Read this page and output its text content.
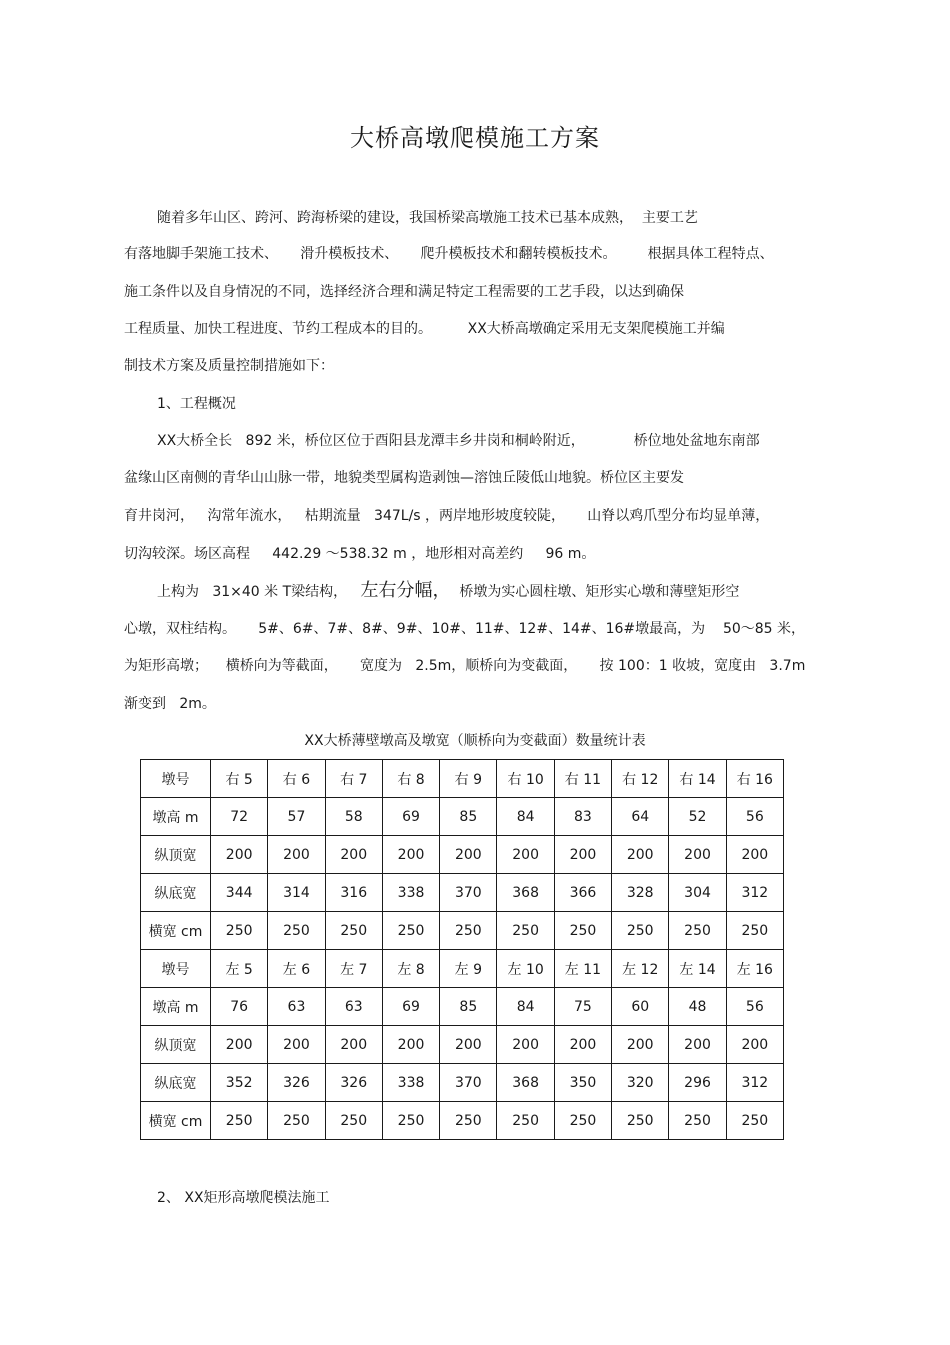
大桥高墩爬模施工方案
随着多年山区、跨河、跨海桥梁的建设，我国桥梁高墩施工技术已基本成熟，  主要工艺
有落地脚手架施工技术、     滑升模板技术、     爬升模板技术和翻转模板技术。       根据具体工程特点、
施工条件以及自身情况的不同，选择经济合理和满足特定工程需要的工艺手段，以达到确保
工程质量、加快工程进度、节约工程成本的目的。        XX大桥高墩确定采用无支架爬模施工并编
制技术方案及质量控制措施如下：
1、工程概况
XX大桥全长   892 米，桥位区位于酉阳县龙潭丰乡井岗和桐岭附近，           桥位地处盆地东南部
盆缘山区南侧的青华山山脉一带，地貌类型属构造剥蚀—溶蚀丘陵低山地貌。桥位区主要发
育井岗河，   沟常年流水，   枯期流量   347L/s ，两岸地形坡度较陡，     山脊以鸡爪型分布均显单薄，
切沟较深。场区高程     442.29 ～538.32 m ，地形相对高差约     96 m。
上构为   31×40 米 T梁结构，   左右分幅，  桥墩为实心圆柱墩、矩形实心墩和薄壁矩形空
心墩，双柱结构。     5#、6#、7#、8#、9#、10#、11#、12#、14#、16#墩最高，为    50～85 米，
为矩形高墩；    横桥向为等截面，     宽度为   2.5m，顺桥向为变截面，     按 100：1 收坡，宽度由   3.7m
渐变到   2m。
XX大桥薄壁墩高及墩宽（顺桥向为变截面）数量统计表
墩号	右 5	右 6	右 7	右 8	右 9	右 10	右 11	右 12	右 14	右 16
墩高 m	72	57	58	69	85	84	83	64	52	56
纵顶宽	200	200	200	200	200	200	200	200	200	200
纵底宽	344	314	316	338	370	368	366	328	304	312
横宽 cm	250	250	250	250	250	250	250	250	250	250
墩号	左 5	左 6	左 7	左 8	左 9	左 10	左 11	左 12	左 14	左 16
墩高 m	76	63	63	69	85	84	75	60	48	56
纵顶宽	200	200	200	200	200	200	200	200	200	200
纵底宽	352	326	326	338	370	368	350	320	296	312
横宽 cm	250	250	250	250	250	250	250	250	250	250
2、 XX矩形高墩爬模法施工
